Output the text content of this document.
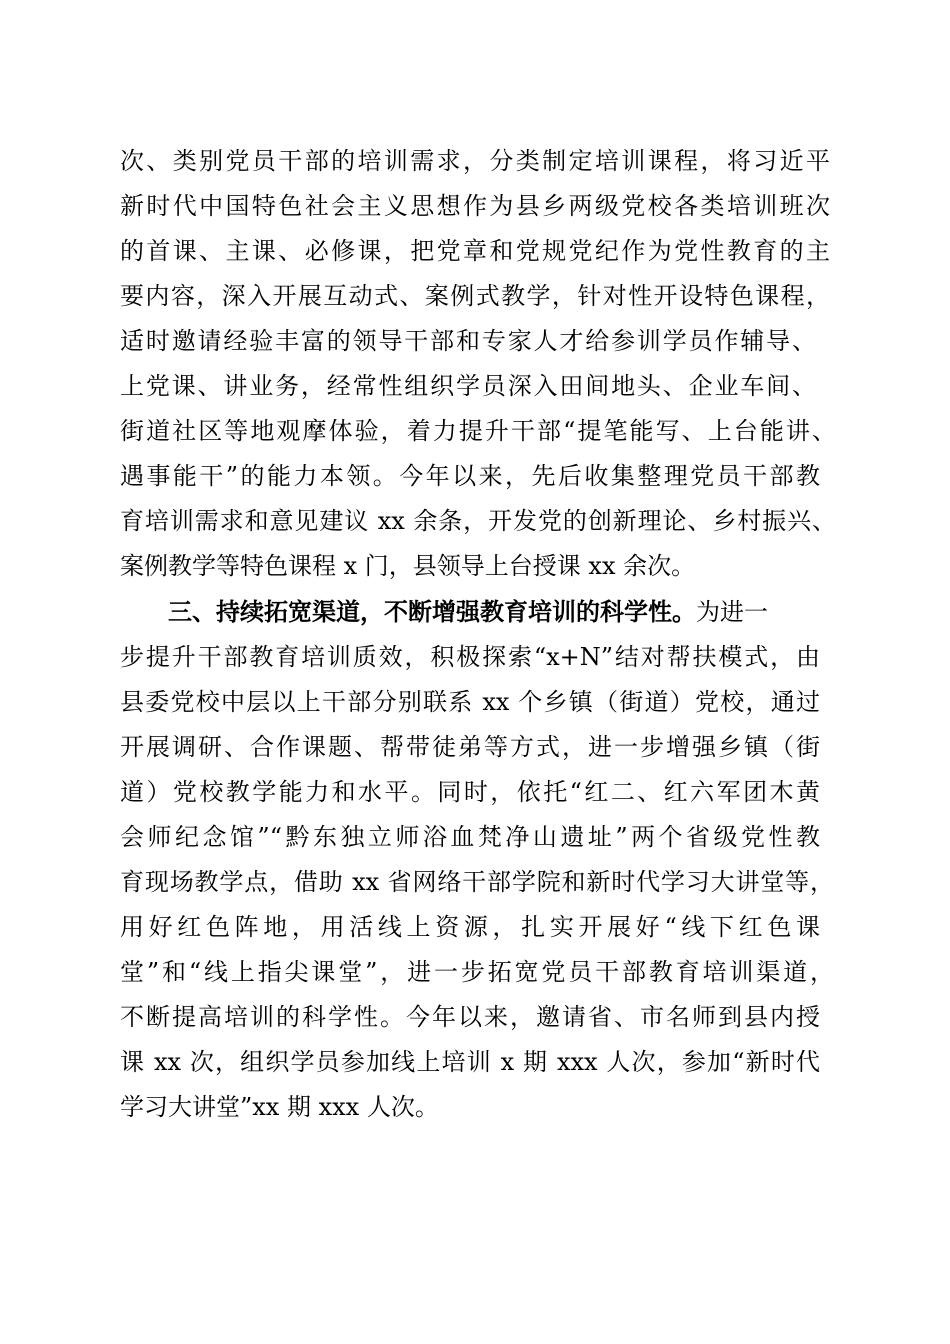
次、类别党员干部的培训需求，分类制定培训课程，将习近平
新时代中国特色社会主义思想作为县乡两级党校各类培训班次
的首课、主课、必修课，把党章和党规党纪作为党性教育的主
要内容，深入开展互动式、案例式教学，针对性开设特色课程，
适时邀请经验丰富的领导干部和专家人才给参训学员作辅导、
上党课、讲业务，经常性组织学员深入田间地头、企业车间、
街道社区等地观摩体验，着力提升干部“提笔能写、上台能讲、
遇事能干”的能力本领。今年以来，先后收集整理党员干部教
育培训需求和意见建议 xx 余条，开发党的创新理论、乡村振兴、
案例教学等特色课程 x 门，县领导上台授课 xx 余次。
三、持续拓宽渠道，不断增强教育培训的科学性。为进一
步提升干部教育培训质效，积极探索“x+N”结对帮扶模式，由
县委党校中层以上干部分别联系 xx 个乡镇（街道）党校，通过
开展调研、合作课题、帮带徒弟等方式，进一步增强乡镇（街
道）党校教学能力和水平。同时，依托“红二、红六军团木黄
会师纪念馆”“黔东独立师浴血梵净山遗址”两个省级党性教
育现场教学点，借助 xx 省网络干部学院和新时代学习大讲堂等，
用好红色阵地，用活线上资源，扎实开展好“线下红色课
堂”和“线上指尖课堂”，进一步拓宽党员干部教育培训渠道，
不断提高培训的科学性。今年以来，邀请省、市名师到县内授
课 xx 次，组织学员参加线上培训 x 期 xxx 人次，参加“新时代
学习大讲堂”xx 期 xxx 人次。
